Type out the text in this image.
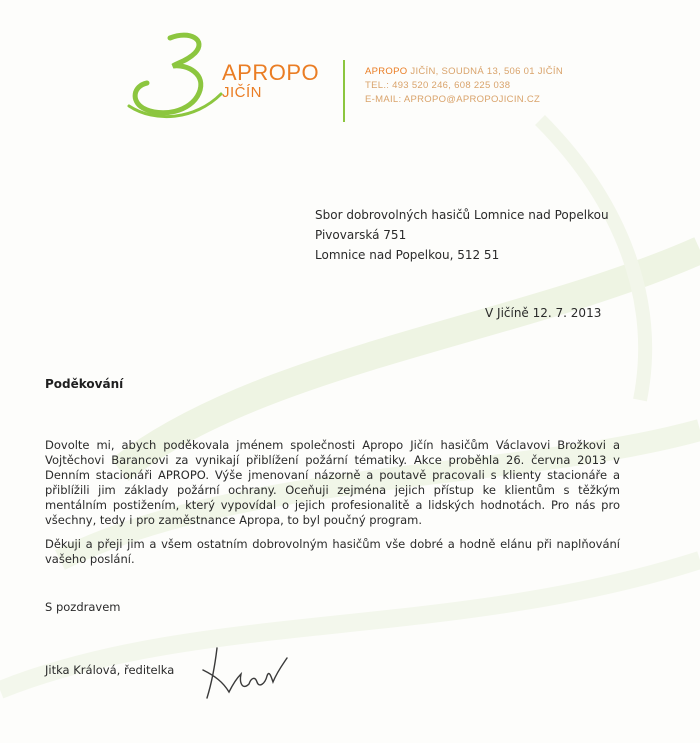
APROPO
JIČÍN
APROPO JIČÍN, SOUDNÁ 13, 506 01 JIČÍN
TEL.: 493 520 246, 608 225 038
E-MAIL: APROPO@APROPOJICIN.CZ
Sbor dobrovolných hasičů Lomnice nad Popelkou
Pivovarská 751
Lomnice nad Popelkou, 512 51
V Jičíně 12. 7. 2013
Poděkování

Dovolte mi, abych poděkovala jménem společnosti Apropo Jičín hasičům Václavovi Brožkovi a Vojtěchovi Barancovi za vynikají přiblížení požární tématiky. Akce proběhla 26. června 2013 v Denním stacionáři APROPO. Výše jmenovaní názorně a poutavě pracovali s klienty stacionáře a přiblížili jim základy požární ochrany. Oceňuji zejména jejich přístup ke klientům s těžkým mentálním postižením, který vypovídal o jejich profesionalitě a lidských hodnotách. Pro nás pro všechny, tedy i pro zaměstnance Apropa, to byl poučný program.

Děkuji a přeji jim a všem ostatním dobrovolným hasičům vše dobré a hodně elánu při naplňování vašeho poslání.

S pozdravem
Jitka Králová, ředitelka
